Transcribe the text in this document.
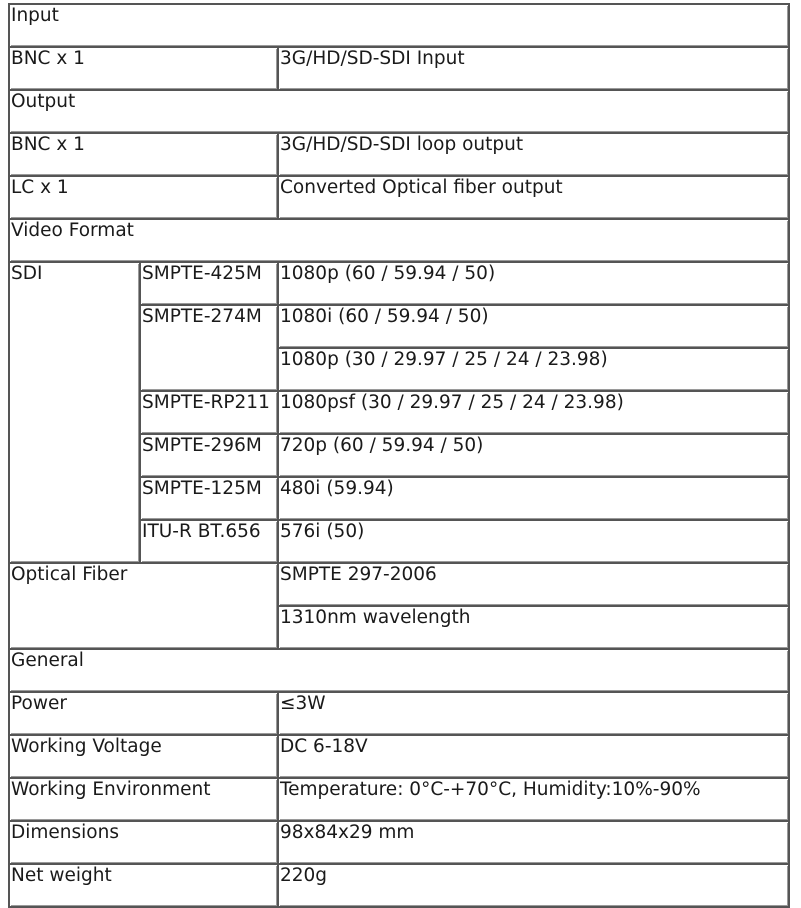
Input		
BNC x 1		3G/HD/SD-SDI Input
Output		
BNC x 1		3G/HD/SD-SDI loop output
LC x 1		Converted Optical fiber output
Video Format		
SDI	SMPTE-425M	1080p (60 / 59.94 / 50)
	SMPTE-274M	1080i (60 / 59.94 / 50)
		1080p (30 / 29.97 / 25 / 24 / 23.98)
	SMPTE-RP211	1080psf (30 / 29.97 / 25 / 24 / 23.98)
	SMPTE-296M	720p (60 / 59.94 / 50)
	SMPTE-125M	480i (59.94)
	ITU-R BT.656	576i (50)
Optical Fiber		SMPTE 297-2006
		1310nm wavelength
General		
Power		≤3W
Working Voltage		DC 6-18V
Working Environment		Temperature: 0°C-+70°C, Humidity:10%-90%
Dimensions		98x84x29 mm
Net weight		220g
